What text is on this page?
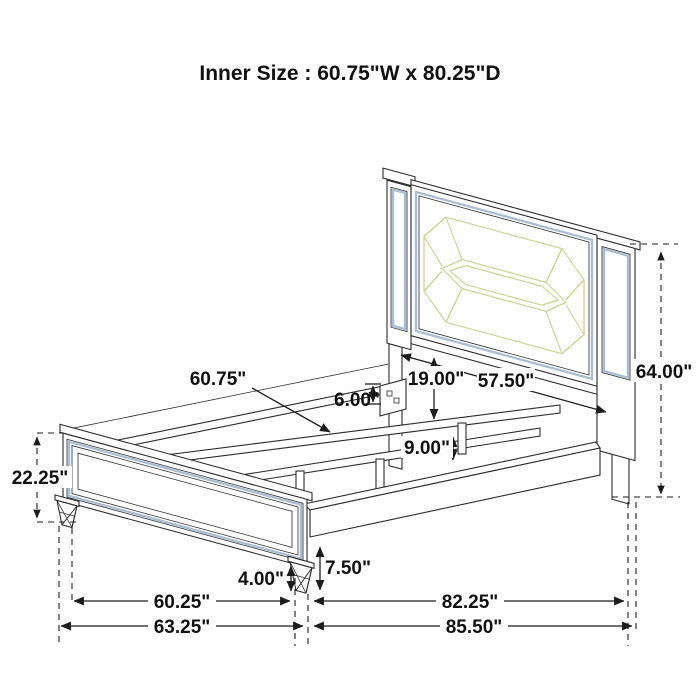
Inner Size : 60.75"W x 80.25"D
60.75"
6.00"
19.00" 57.50"	64.00"
9.00"
22.25"
4.00"
7.50"
60.25"	82.25"
63.25"	85.50"
